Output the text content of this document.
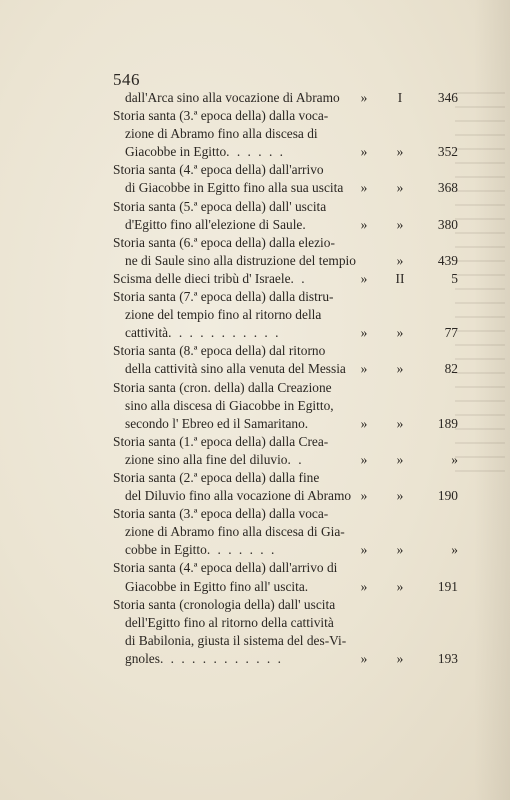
546
dall'Arca sino alla vocazione di Abramo	»	I	346
Storia santa (3.ª epoca della) dalla voca-
zione di Abramo fino alla discesa di
Giacobbe in Egitto. . . . . .	»	»	352
Storia santa (4.ª epoca della) dall'arrivo
di Giacobbe in Egitto fino alla sua uscita	»	»	368
Storia santa (5.ª epoca della) dall' uscita
d'Egitto fino all'elezione di Saule.	»	»	380
Storia santa (6.ª epoca della) dalla elezio-
ne di Saule sino alla distruzione del tempio	»	439
Scisma delle dieci tribù d' Israele. .	»	II	5
Storia santa (7.ª epoca della) dalla distru-
zione del tempio fino al ritorno della
cattività. . . . . . . . . . .	»	»	77
Storia santa (8.ª epoca della) dal ritorno
della cattività sino alla venuta del Messia	»	»	82
Storia santa (cron. della) dalla Creazione
sino alla discesa di Giacobbe in Egitto,
secondo l' Ebreo ed il Samaritano.	»	»	189
Storia santa (1.ª epoca della) dalla Crea-
zione sino alla fine del diluvio. .	»	»	»
Storia santa (2.ª epoca della) dalla fine
del Diluvio fino alla vocazione di Abramo »	»	190
Storia santa (3.ª epoca della) dalla voca-
zione di Abramo fino alla discesa di Gia-
cobbe in Egitto. . . . . . .	»	»	»
Storia santa (4.ª epoca della) dall'arrivo di
Giacobbe in Egitto fino all' uscita.	»	»	191
Storia santa (cronologia della) dall' uscita
dell'Egitto fino al ritorno della cattività
di Babilonia, giusta il sistema del des-Vi-
gnoles. . . . . . . . . . . .	»	»	193
